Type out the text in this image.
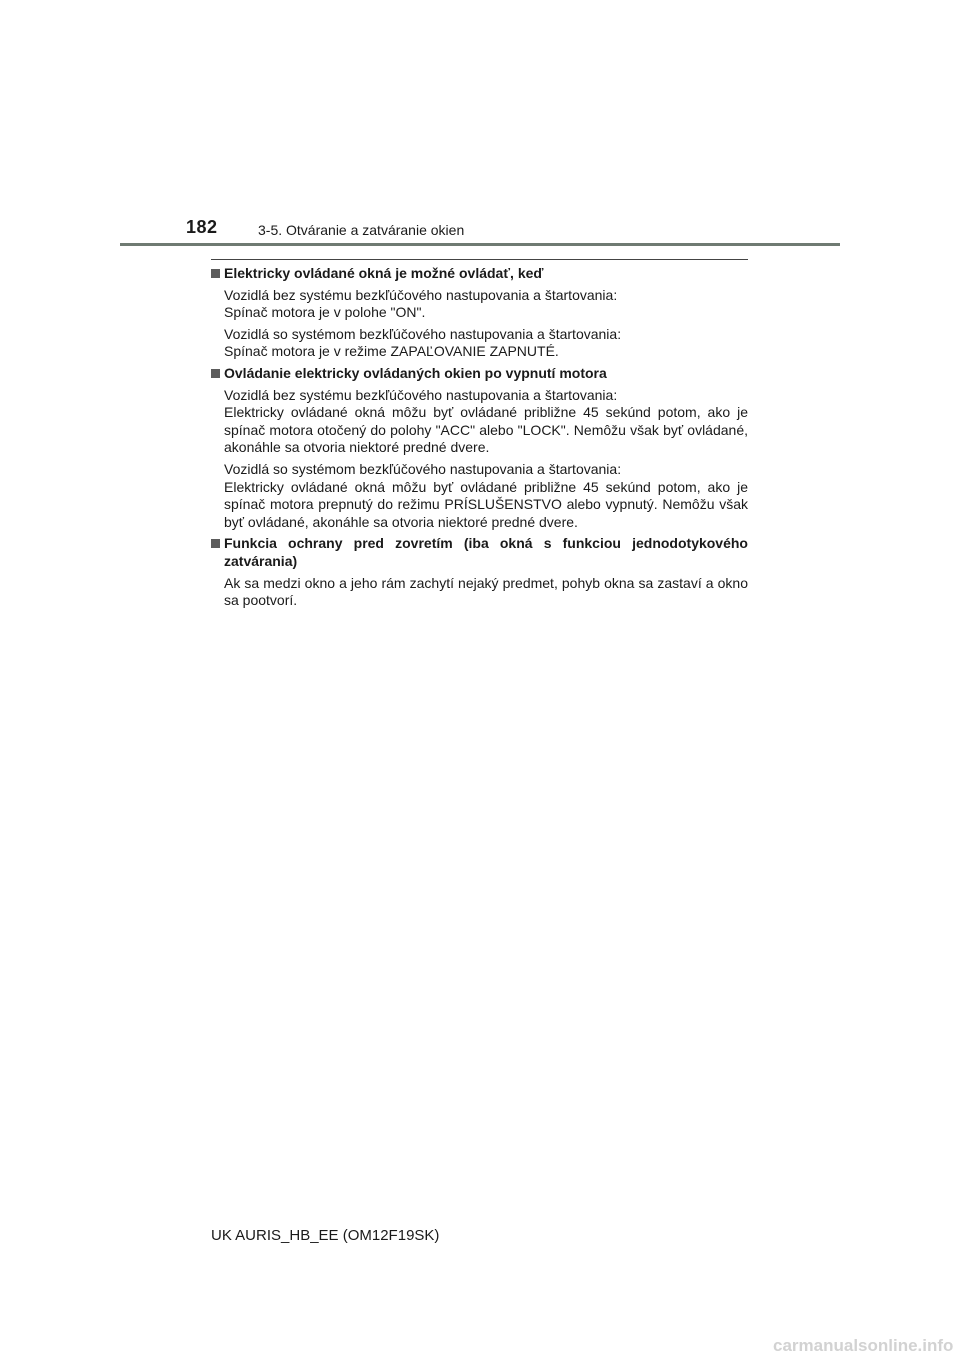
182	3-5. Otváranie a zatváranie okien
Elektricky ovládané okná je možné ovládať, keď
Vozidlá bez systému bezkľúčového nastupovania a štartovania:
Spínač motora je v polohe "ON".
Vozidlá so systémom bezkľúčového nastupovania a štartovania:
Spínač motora je v režime ZAPAĽOVANIE ZAPNUTÉ.
Ovládanie elektricky ovládaných okien po vypnutí motora
Vozidlá bez systému bezkľúčového nastupovania a štartovania:
Elektricky ovládané okná môžu byť ovládané približne 45 sekúnd potom, ako je spínač motora otočený do polohy "ACC" alebo "LOCK". Nemôžu však byť ovládané, akonáhle sa otvoria niektoré predné dvere.
Vozidlá so systémom bezkľúčového nastupovania a štartovania:
Elektricky ovládané okná môžu byť ovládané približne 45 sekúnd potom, ako je spínač motora prepnutý do režimu PRÍSLUŠENSTVO alebo vypnutý. Nemôžu však byť ovládané, akonáhle sa otvoria niektoré predné dvere.
Funkcia ochrany pred zovretím (iba okná s funkciou jednodotykového zatvárania)
Ak sa medzi okno a jeho rám zachytí nejaký predmet, pohyb okna sa zastaví a okno sa pootvorí.
UK AURIS_HB_EE (OM12F19SK)
carmanualsonline.info
